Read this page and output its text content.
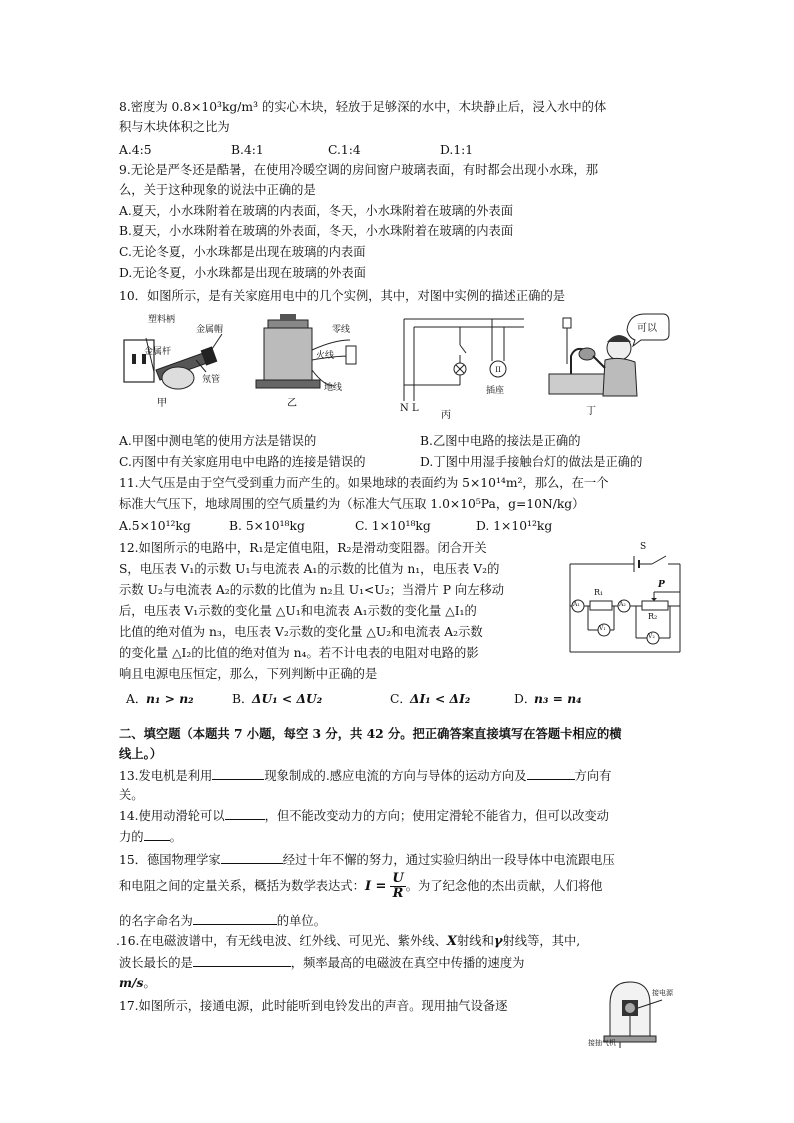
8.密度为 0.8×10³kg/m³ 的实心木块，轻放于足够深的水中，木块静止后，浸入水中的体
积与木块体积之比为
A.4:5	B.4:1	C.1:4	D.1:1
9.无论是严冬还是酷暑，在使用冷暖空调的房间窗户玻璃表面，有时都会出现小水珠，那
么，关于这种现象的说法中正确的是
A.夏天，小水珠附着在玻璃的内表面，冬天，小水珠附着在玻璃的外表面
B.夏天，小水珠附着在玻璃的外表面，冬天，小水珠附着在玻璃的内表面
C.无论冬夏，小水珠都是出现在玻璃的内表面
D.无论冬夏，小水珠都是出现在玻璃的外表面
10．如图所示，是有关家庭用电中的几个实例，其中，对图中实例的描述正确的是
甲
塑料柄
金属帽
金属杆
氖管
乙
零线
火线
地线
II
丙
N L
插座
丁
可以
A.甲图中测电笔的使用方法是错误的	B.乙图中电路的接法是正确的
C.丙图中有关家庭用电中电路的连接是错误的	D.丁图中用湿手接触台灯的做法是正确的
11.大气压是由于空气受到重力而产生的。如果地球的表面约为 5×10¹⁴m²，那么，在一个
标准大气压下，地球周围的空气质量约为（标准大气压取 1.0×10⁵Pa，g=10N/kg）
A.5×10¹²kg	B. 5×10¹⁸kg	C. 1×10¹⁸kg	D. 1×10¹²kg
12.如图所示的电路中，R₁是定值电阻，R₂是滑动变阻器。闭合开关
S，电压表 V₁的示数 U₁与电流表 A₁的示数的比值为 n₁，电压表 V₂的
示数 U₂与电流表 A₂的示数的比值为 n₂且 U₁<U₂；当滑片 P 向左移动
后，电压表 V₁示数的变化量 △U₁和电流表 A₁示数的变化量 △I₁的
比值的绝对值为 n₃，电压表 V₂示数的变化量 △U₂和电流表 A₂示数
的变化量 △I₂的比值的绝对值为 n₄。若不计电表的电阻对电路的影
响且电源电压恒定，那么，下列判断中正确的是
S
R₁
R₂
P
A₁	A₂
V₁
V₂
A．n₁ > n₂	B．ΔU₁ < ΔU₂	C．ΔI₁ < ΔI₂	D．n₃ = n₄
二、填空题（本题共 7 小题，每空 3 分，共 42 分。把正确答案直接填写在答题卡相应的横
线上。）
13.发电机是利用	现象制成的.感应电流的方向与导体的运动方向及	方向有
关。
14.使用动滑轮可以	，但不能改变动力的方向；使用定滑轮不能省力，但可以改变动
力的 。
15．德国物理学家	经过十年不懈的努力，通过实验归纳出一段导体中电流跟电压
和电阻之间的定量关系，概括为数学表达式：$I = \frac{U}{R}$ 。为了纪念他的杰出贡献，人们将他
的名字命名为	的单位。
.16.在电磁波谱中，有无线电波、红外线、可见光、紫外线、X射线和γ射线等，其中,
波长最长的是	，频率最高的电磁波在真空中传播的速度为
m/s。
17.如图所示，接通电源，此时能听到电铃发出的声音。现用抽气设备逐
接电源
接抽气机
